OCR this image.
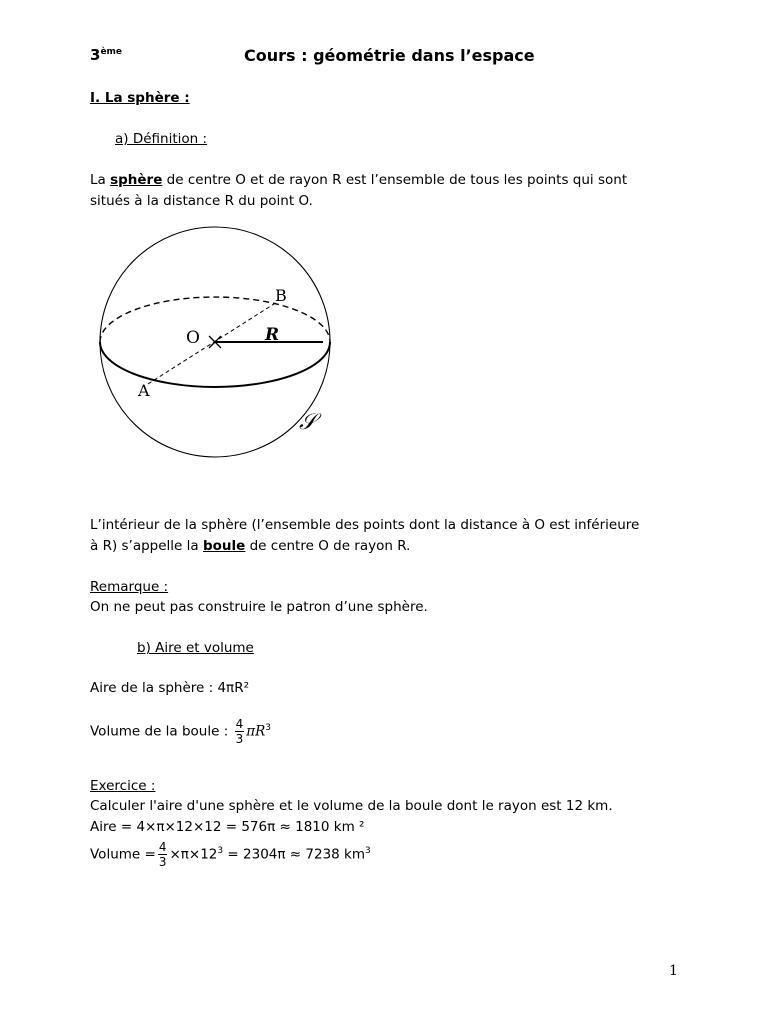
3ème	Cours : géométrie dans l’espace
I. La sphère :
a) Définition :
La sphère de centre O et de rayon R est l’ensemble de tous les points qui sont
situés à la distance R du point O.
O	R
A
B
𝒮
L’intérieur de la sphère (l’ensemble des points dont la distance à O est inférieure
à R) s’appelle la boule de centre O de rayon R.
Remarque :
On ne peut pas construire le patron d’une sphère.
b) Aire et volume
Aire de la sphère : 4πR²
Volume de la boule : $\frac{4}{3} \pi R^3$
Exercice :
Calculer l'aire d'une sphère et le volume de la boule dont le rayon est 12 km.
Aire = 4×π×12×12 = 576π ≈ 1810 km ²
Volume = $\frac{4}{3} \times\pi\times 12^3 = 2304\pi \approx 7238$ $km^3$
1
